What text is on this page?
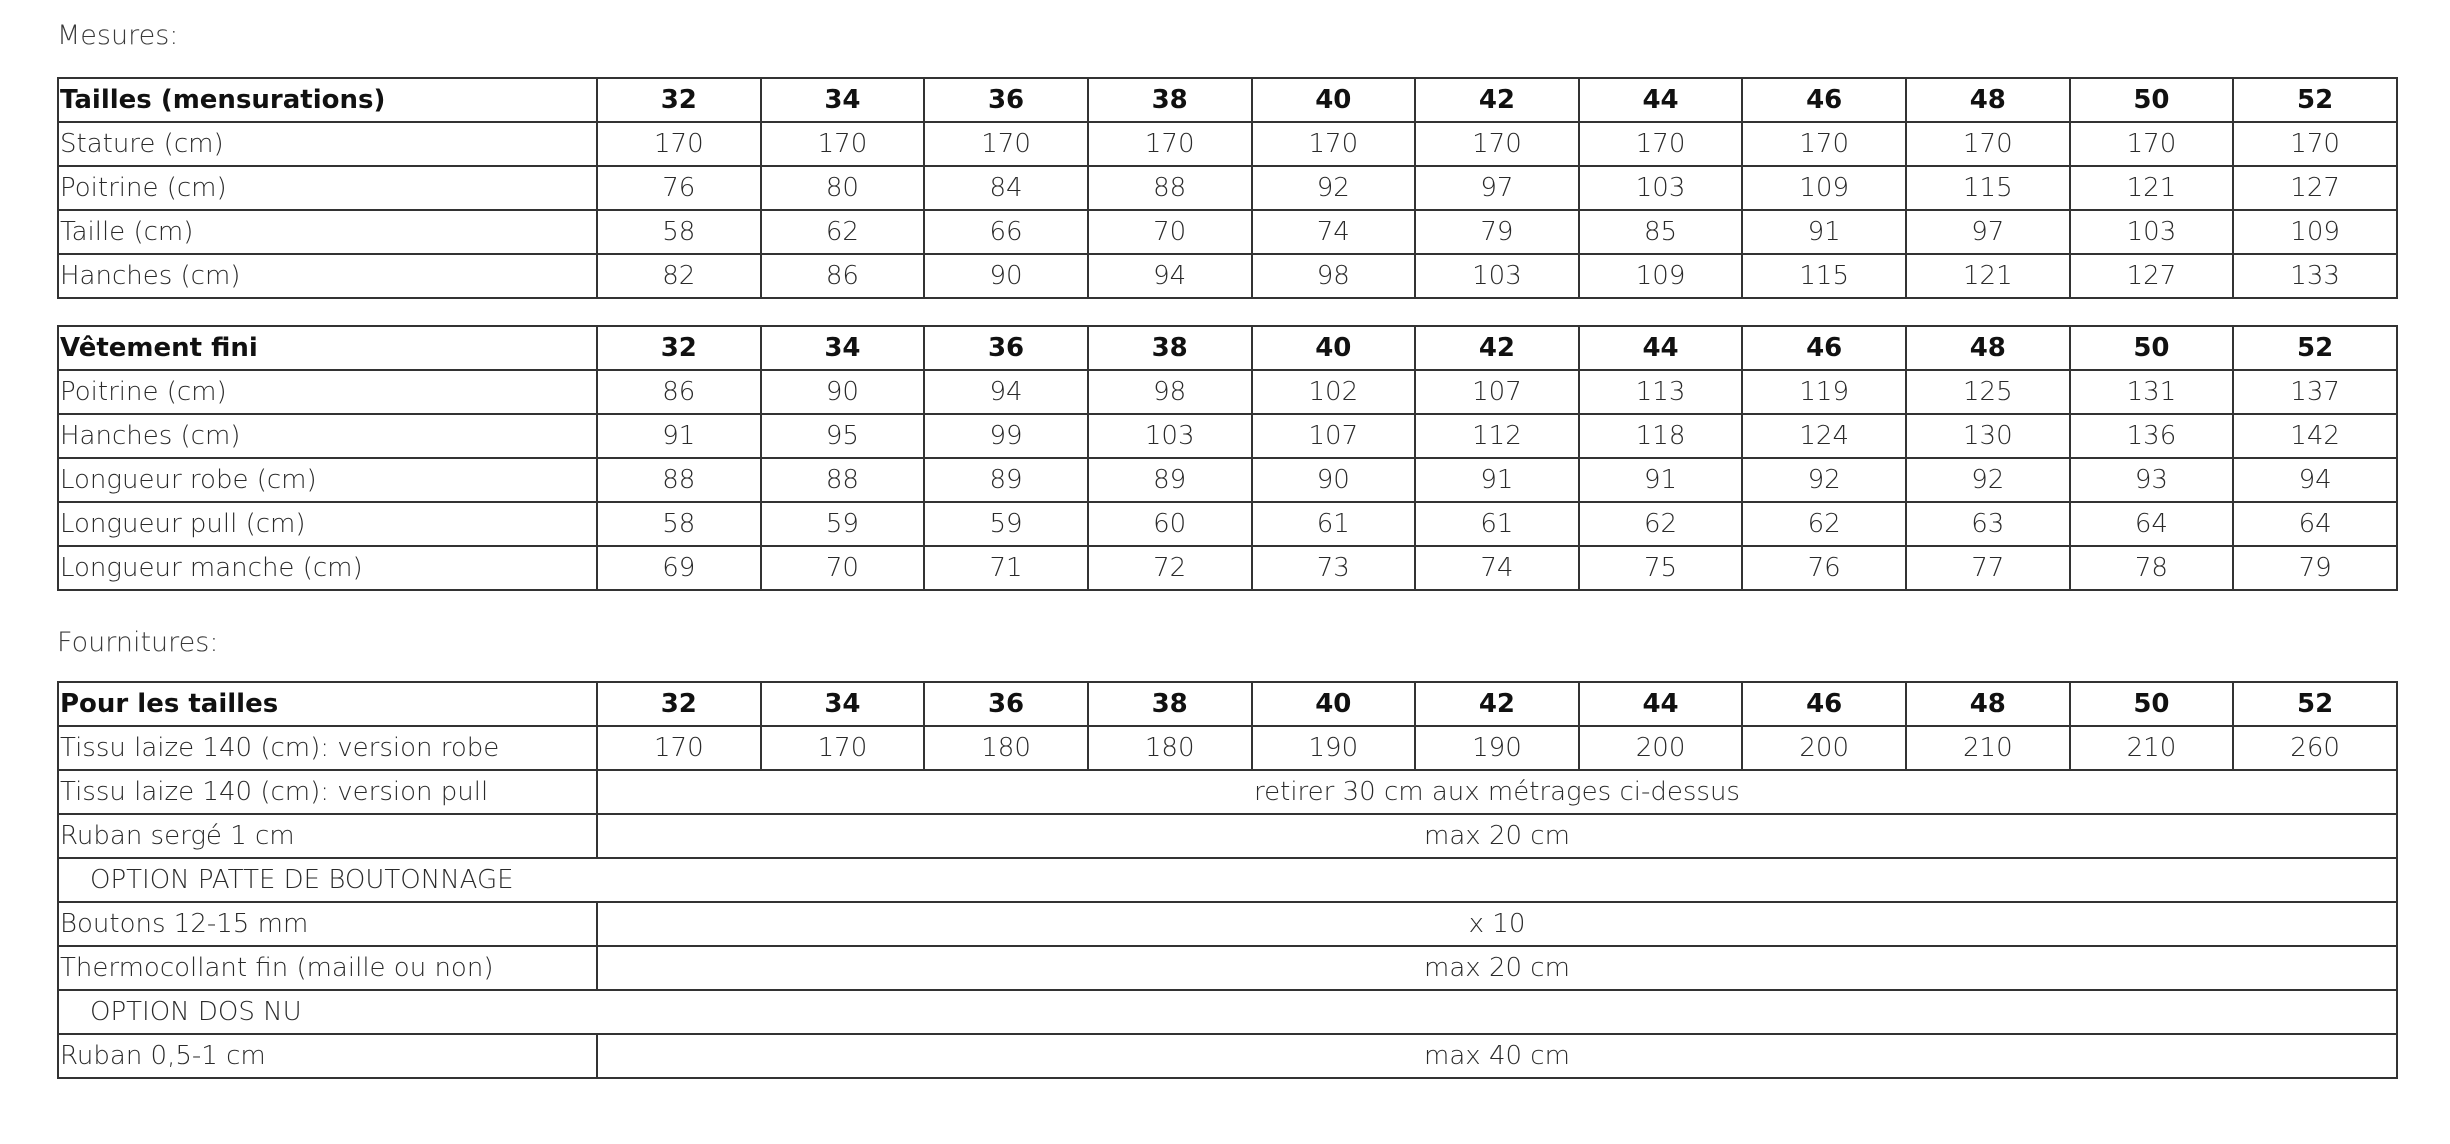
Mesures:
Tailles (mensurations)	32	34	36	38	40	42	44	46	48	50	52
Stature (cm)	170	170	170	170	170	170	170	170	170	170	170
Poitrine (cm)	76	80	84	88	92	97	103	109	115	121	127
Taille (cm)	58	62	66	70	74	79	85	91	97	103	109
Hanches (cm)	82	86	90	94	98	103	109	115	121	127	133
Vêtement fini	32	34	36	38	40	42	44	46	48	50	52
Poitrine (cm)	86	90	94	98	102	107	113	119	125	131	137
Hanches (cm)	91	95	99	103	107	112	118	124	130	136	142
Longueur robe (cm)	88	88	89	89	90	91	91	92	92	93	94
Longueur pull (cm)	58	59	59	60	61	61	62	62	63	64	64
Longueur manche (cm)	69	70	71	72	73	74	75	76	77	78	79
Fournitures:
Pour les tailles	32	34	36	38	40	42	44	46	48	50	52
Tissu laize 140 (cm): version robe	170	170	180	180	190	190	200	200	210	210	260
Tissu laize 140 (cm): version pull	retirer 30 cm aux métrages ci-dessus										
Ruban sergé 1 cm	max 20 cm										
OPTION PATTE DE BOUTONNAGE											
Boutons 12-15 mm	x 10										
Thermocollant fin (maille ou non)	max 20 cm										
OPTION DOS NU											
Ruban 0,5-1 cm	max 40 cm										
